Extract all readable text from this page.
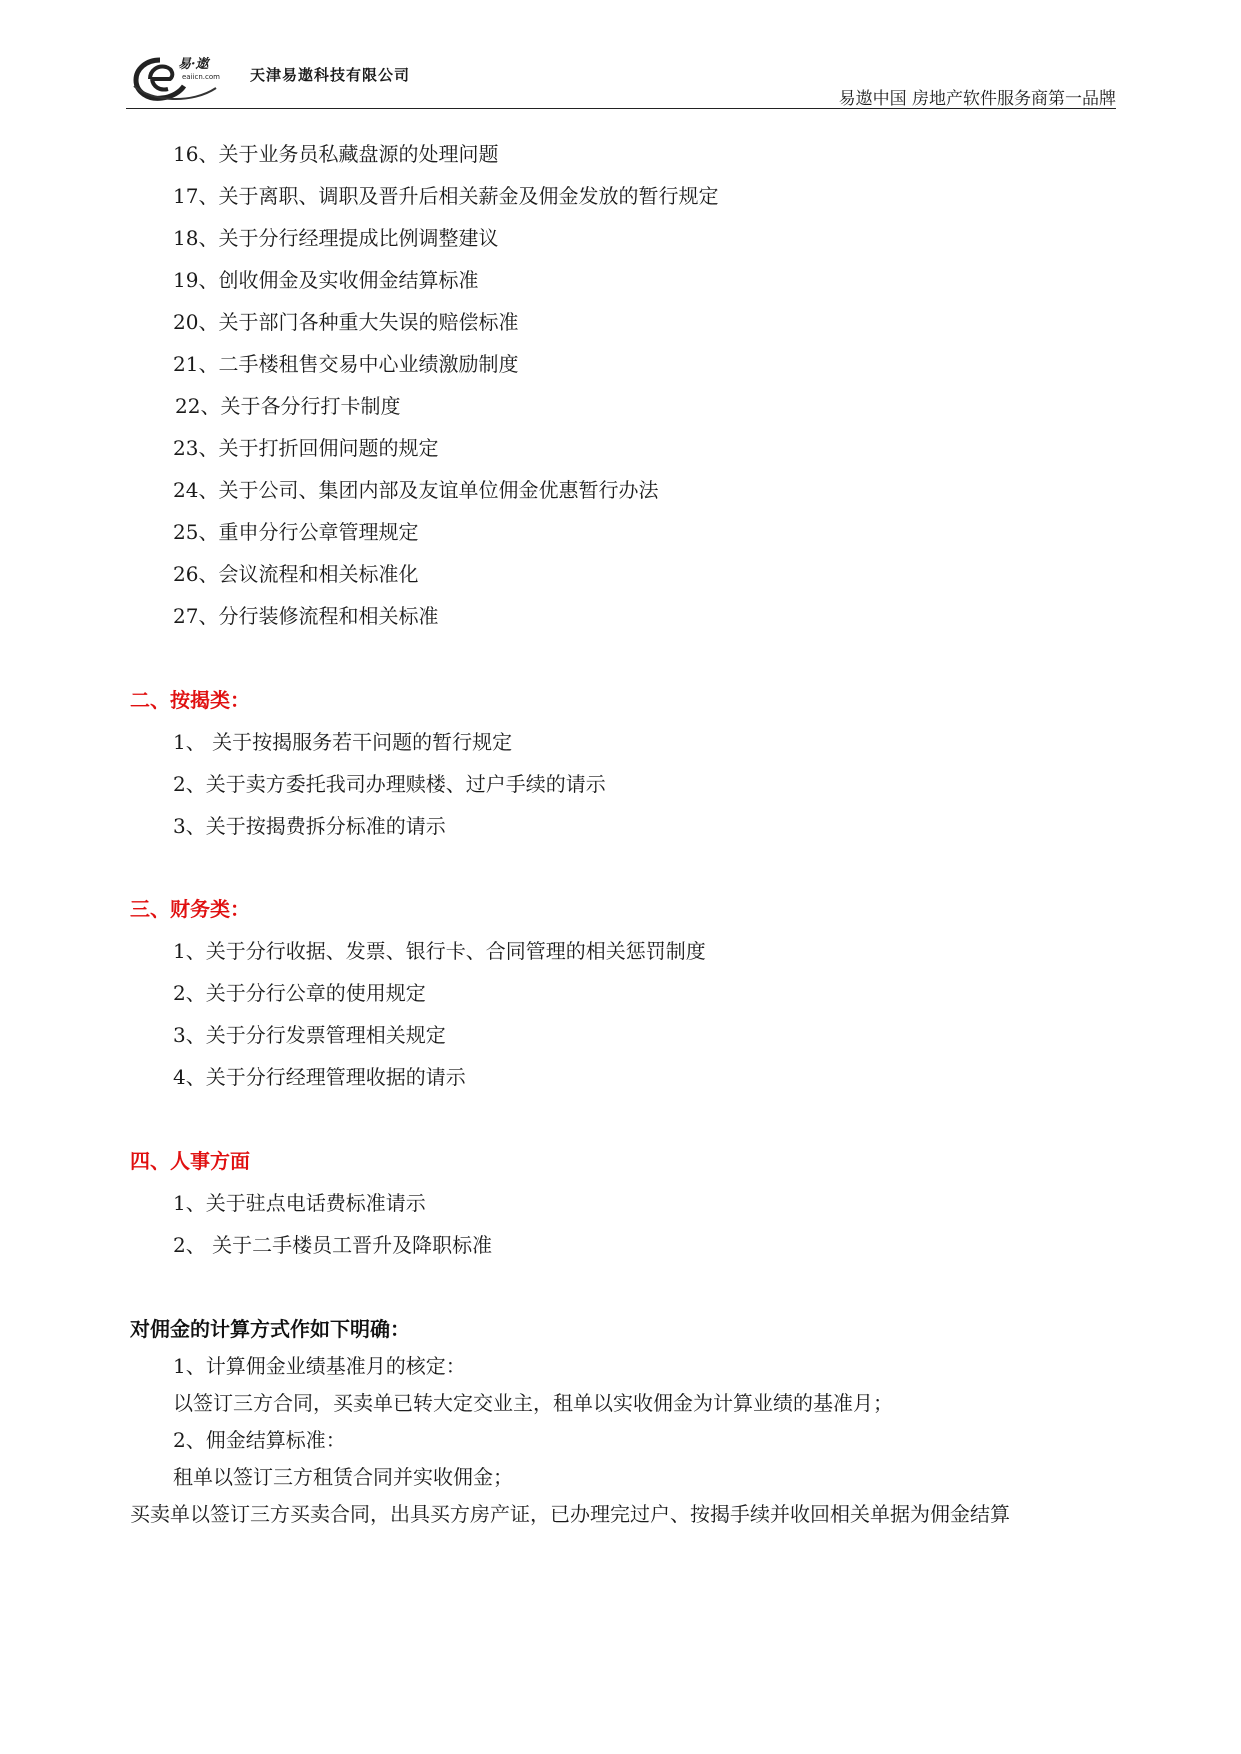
易·遨
eaiicn.com 天津易遨科技有限公司
易遨中国 房地产软件服务商第一品牌
16、关于业务员私藏盘源的处理问题
17、关于离职、调职及晋升后相关薪金及佣金发放的暂行规定
18、关于分行经理提成比例调整建议
19、创收佣金及实收佣金结算标准
20、关于部门各种重大失误的赔偿标准
21、二手楼租售交易中心业绩激励制度
22、关于各分行打卡制度
23、关于打折回佣问题的规定
24、关于公司、集团内部及友谊单位佣金优惠暂行办法
25、重申分行公章管理规定
26、会议流程和相关标准化
27、分行装修流程和相关标准
二、按揭类：
1、 关于按揭服务若干问题的暂行规定
2、关于卖方委托我司办理赎楼、过户手续的请示
3、关于按揭费拆分标准的请示
三、财务类：
1、关于分行收据、发票、银行卡、合同管理的相关惩罚制度
2、关于分行公章的使用规定
3、关于分行发票管理相关规定
4、关于分行经理管理收据的请示
四、人事方面
1、关于驻点电话费标准请示
2、 关于二手楼员工晋升及降职标准
对佣金的计算方式作如下明确：
1、计算佣金业绩基准月的核定：
以签订三方合同，买卖单已转大定交业主，租单以实收佣金为计算业绩的基准月；
2、佣金结算标准：
租单以签订三方租赁合同并实收佣金；
买卖单以签订三方买卖合同，出具买方房产证，已办理完过户、按揭手续并收回相关单据为佣金结算
